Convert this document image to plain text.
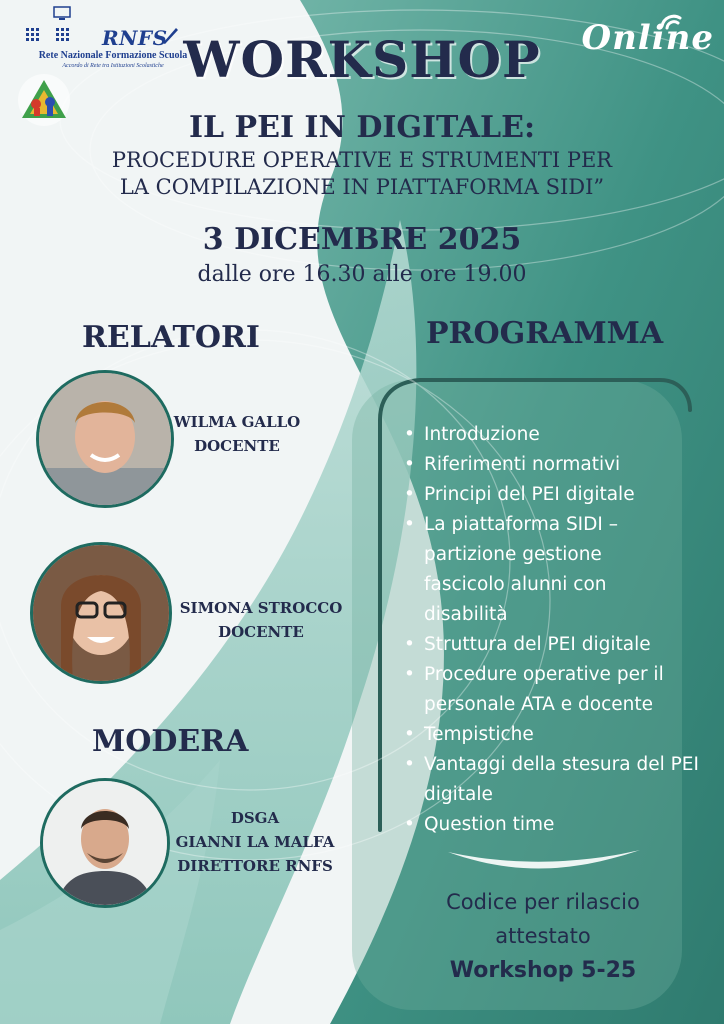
RNFS
Rete Nazionale Formazione Scuola
Accordo di Rete tra Istituzioni Scolastiche
Online
WORKSHOP
IL PEI IN DIGITALE:
PROCEDURE OPERATIVE E STRUMENTI PER
LA COMPILAZIONE IN PIATTAFORMA SIDI”
3 DICEMBRE 2025
dalle ore 16.30 alle ore 19.00
RELATORI
WILMA GALLO
DOCENTE
SIMONA STROCCO
DOCENTE
MODERA
DSGA
GIANNI LA MALFA
DIRETTORE RNFS
PROGRAMMA
• Introduzione
• Riferimenti normativi
• Principi del PEI digitale
• La piattaforma SIDI – partizione gestione fascicolo alunni con disabilità
• Struttura del PEI digitale
• Procedure operative per il personale ATA e docente
• Tempistiche
• Vantaggi della stesura del PEI digitale
• Question time
Codice per rilascio
attestato
Workshop 5-25
